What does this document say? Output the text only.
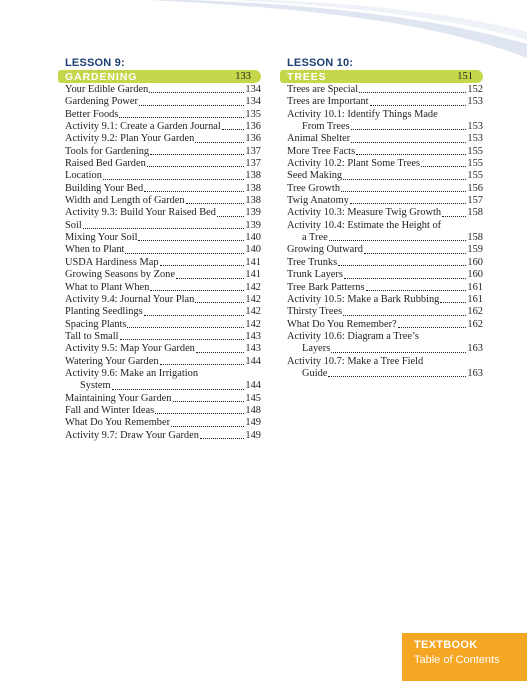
LESSON 9:
GARDENING	133
Your Edible Garden	134
Gardening Power	134
Better Foods	135
Activity 9.1: Create a Garden Journal 136
Activity 9.2: Plan Your Garden	136
Tools for Gardening	137
Raised Bed Garden	137
Location	138
Building Your Bed	138
Width and Length of Garden	138
Activity 9.3: Build Your Raised Bed	139
Soil	139
Mixing Your Soil	140
When to Plant	140
USDA Hardiness Map	141
Growing Seasons by Zone	141
What to Plant When	142
Activity 9.4: Journal Your Plan	142
Planting Seedlings	142
Spacing Plants	142
Tall to Small	143
Activity 9.5: Map Your Garden	143
Watering Your Garden	144
Activity 9.6: Make an Irrigation
System	144
Maintaining Your Garden	145
Fall and Winter Ideas	148
What Do You Remember	149
Activity 9.7: Draw Your Garden	149
LESSON 10:
TREES	151
Trees are Special	152
Trees are Important	153
Activity 10.1: Identify Things Made
From Trees	153
Animal Shelter	153
More Tree Facts	155
Activity 10.2: Plant Some Trees	155
Seed Making	155
Tree Growth	156
Twig Anatomy	157
Activity 10.3: Measure Twig Growth	158
Activity 10.4: Estimate the Height of
a Tree	158
Growing Outward	159
Tree Trunks	160
Trunk Layers	160
Tree Bark Patterns	161
Activity 10.5: Make a Bark Rubbing	161
Thirsty Trees	162
What Do You Remember?	162
Activity 10.6: Diagram a Tree’s
Layers	163
Activity 10.7: Make a Tree Field
Guide	163
TEXTBOOK
Table of Contents
